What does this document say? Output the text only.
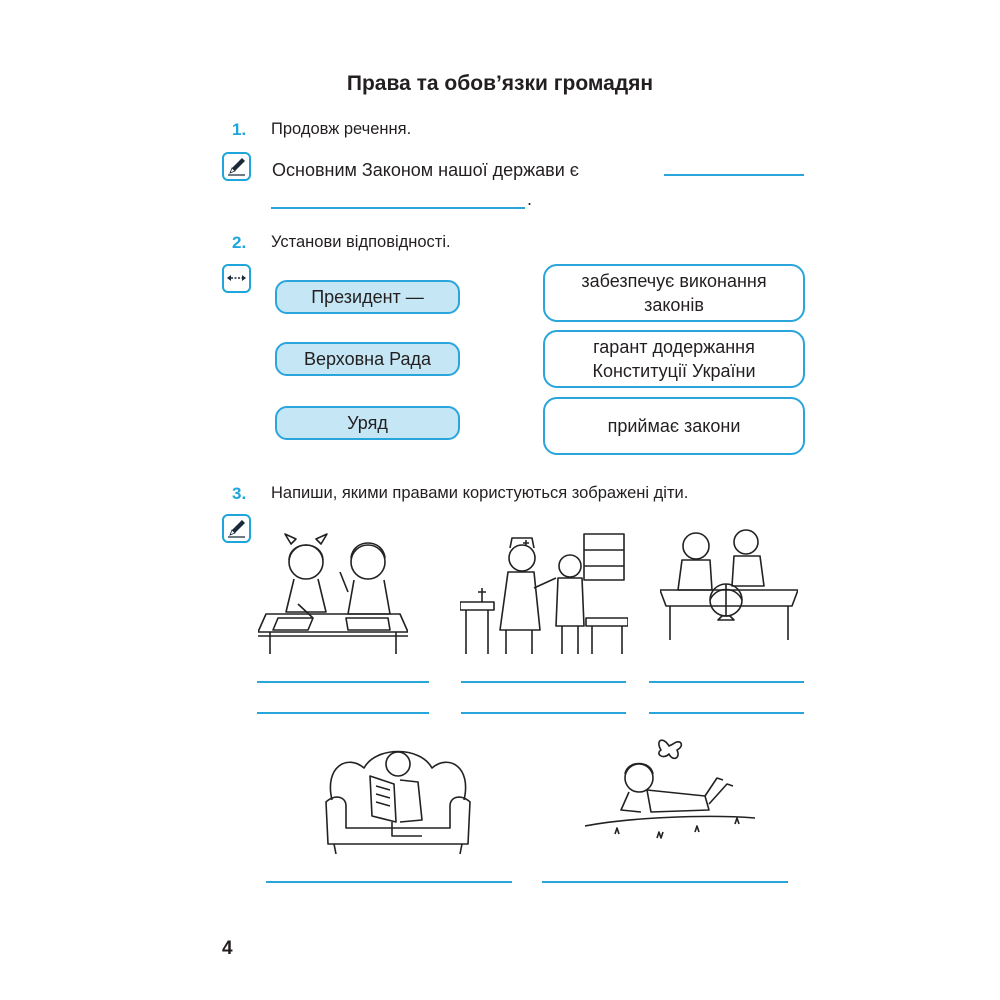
Права та обов’язки громадян
1. Продовж речення.
Основним Законом нашої держави є
.
2. Установи відповідності.
Президент —
Верховна Рада
Уряд
забезпечує виконання
законів
гарант додержання
Конституції України
приймає закони
3. Напиши, якими правами користуються зображені діти.
4
